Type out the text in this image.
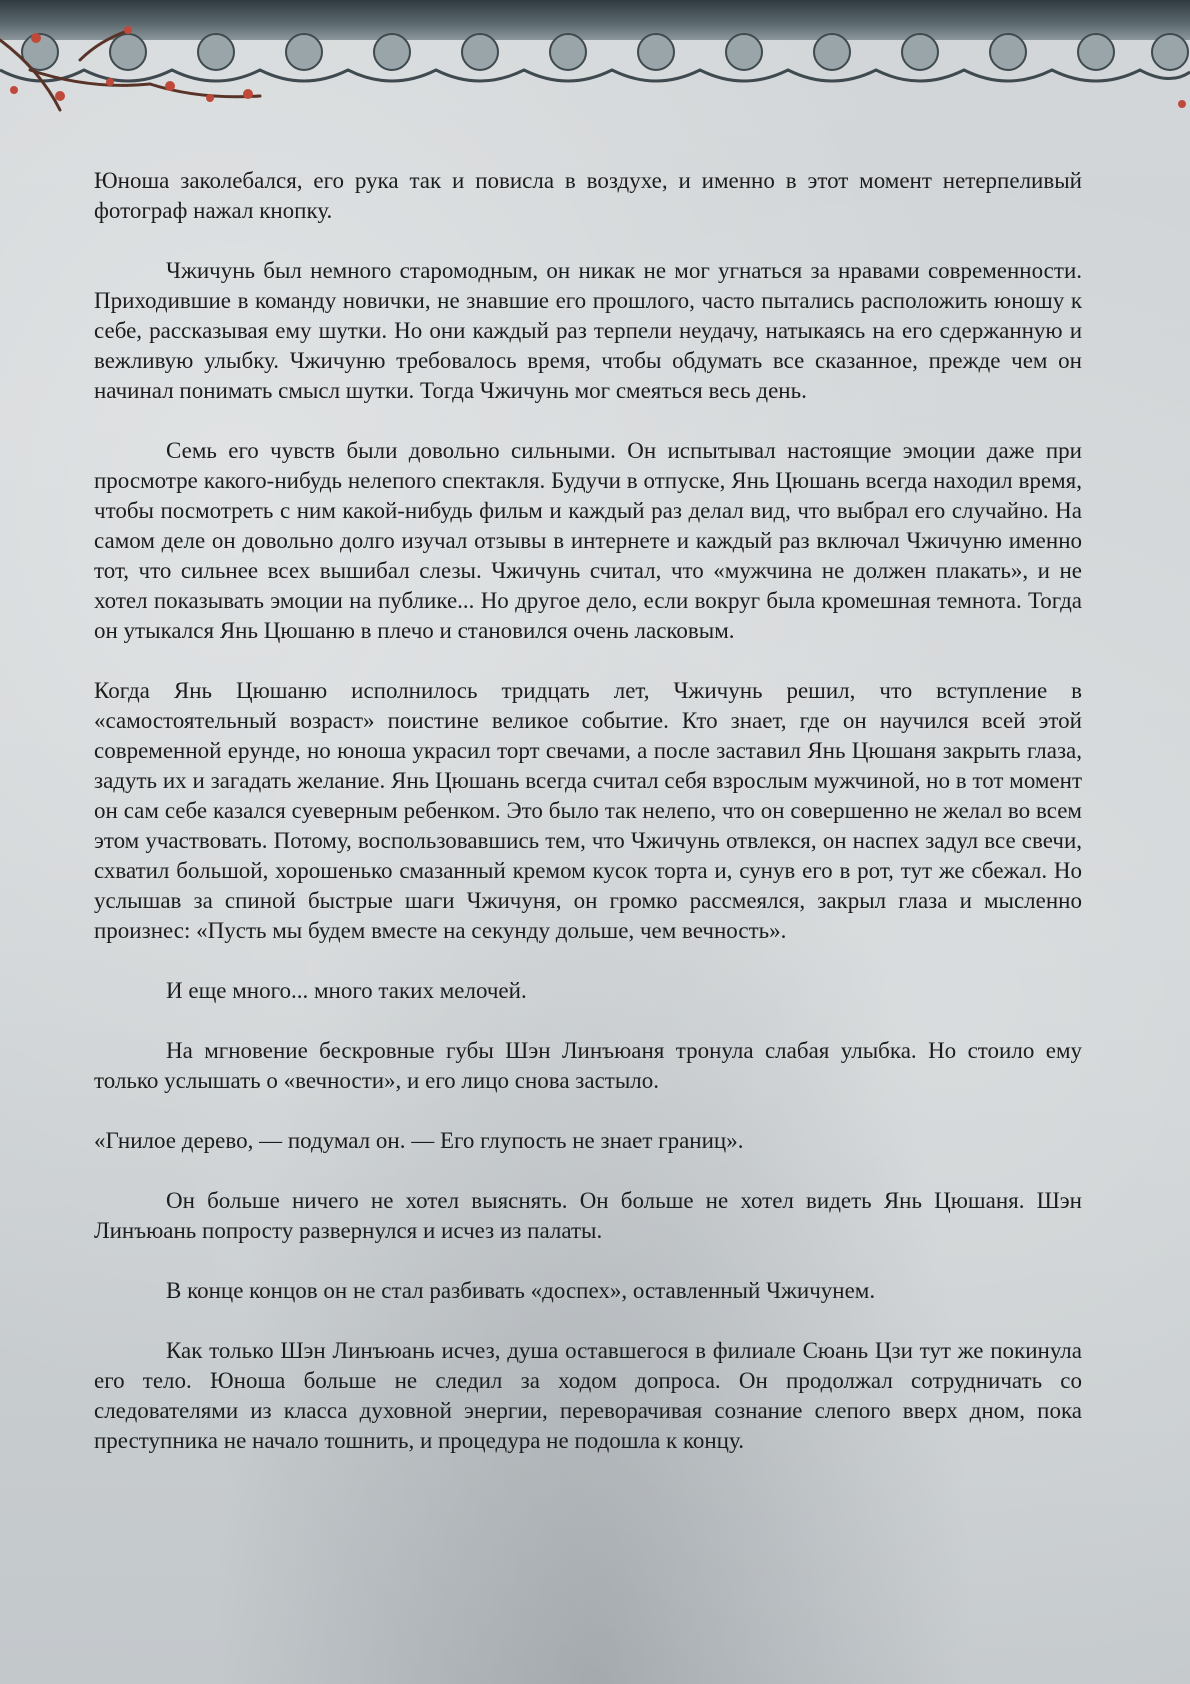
Юноша заколебался, его рука так и повисла в воздухе, и именно в этот момент нетерпеливый фотограф нажал кнопку.

Чжичунь был немного старомодным, он никак не мог угнаться за нравами современности. Приходившие в команду новички, не знавшие его прошлого, часто пытались расположить юношу к себе, рассказывая ему шутки. Но они каждый раз терпели неудачу, натыкаясь на его сдержанную и вежливую улыбку. Чжичуню требовалось время, чтобы обдумать все сказанное, прежде чем он начинал понимать смысл шутки. Тогда Чжичунь мог смеяться весь день.

Семь его чувств были довольно сильными. Он испытывал настоящие эмоции даже при просмотре какого-нибудь нелепого спектакля. Будучи в отпуске, Янь Цюшань всегда находил время, чтобы посмотреть с ним какой-нибудь фильм и каждый раз делал вид, что выбрал его случайно. На самом деле он довольно долго изучал отзывы в интернете и каждый раз включал Чжичуню именно тот, что сильнее всех вышибал слезы. Чжичунь считал, что «мужчина не должен плакать», и не хотел показывать эмоции на публике... Но другое дело, если вокруг была кромешная темнота. Тогда он утыкался Янь Цюшаню в плечо и становился очень ласковым.

Когда Янь Цюшаню исполнилось тридцать лет, Чжичунь решил, что вступление в «самостоятельный возраст» поистине великое событие. Кто знает, где он научился всей этой современной ерунде, но юноша украсил торт свечами, а после заставил Янь Цюшаня закрыть глаза, задуть их и загадать желание. Янь Цюшань всегда считал себя взрослым мужчиной, но в тот момент он сам себе казался суеверным ребенком. Это было так нелепо, что он совершенно не желал во всем этом участвовать. Потому, воспользовавшись тем, что Чжичунь отвлекся, он наспех задул все свечи, схватил большой, хорошенько смазанный кремом кусок торта и, сунув его в рот, тут же сбежал. Но услышав за спиной быстрые шаги Чжичуня, он громко рассмеялся, закрыл глаза и мысленно произнес: «Пусть мы будем вместе на секунду дольше, чем вечность».

И еще много... много таких мелочей.

На мгновение бескровные губы Шэн Линъюаня тронула слабая улыбка. Но стоило ему только услышать о «вечности», и его лицо снова застыло.

«Гнилое дерево, — подумал он. — Его глупость не знает границ».

Он больше ничего не хотел выяснять. Он больше не хотел видеть Янь Цюшаня. Шэн Линъюань попросту развернулся и исчез из палаты.

В конце концов он не стал разбивать «доспех», оставленный Чжичунем.

Как только Шэн Линъюань исчез, душа оставшегося в филиале Сюань Цзи тут же покинула его тело. Юноша больше не следил за ходом допроса. Он продолжал сотрудничать со следователями из класса духовной энергии, переворачивая сознание слепого вверх дном, пока преступника не начало тошнить, и процедура не подошла к концу.
